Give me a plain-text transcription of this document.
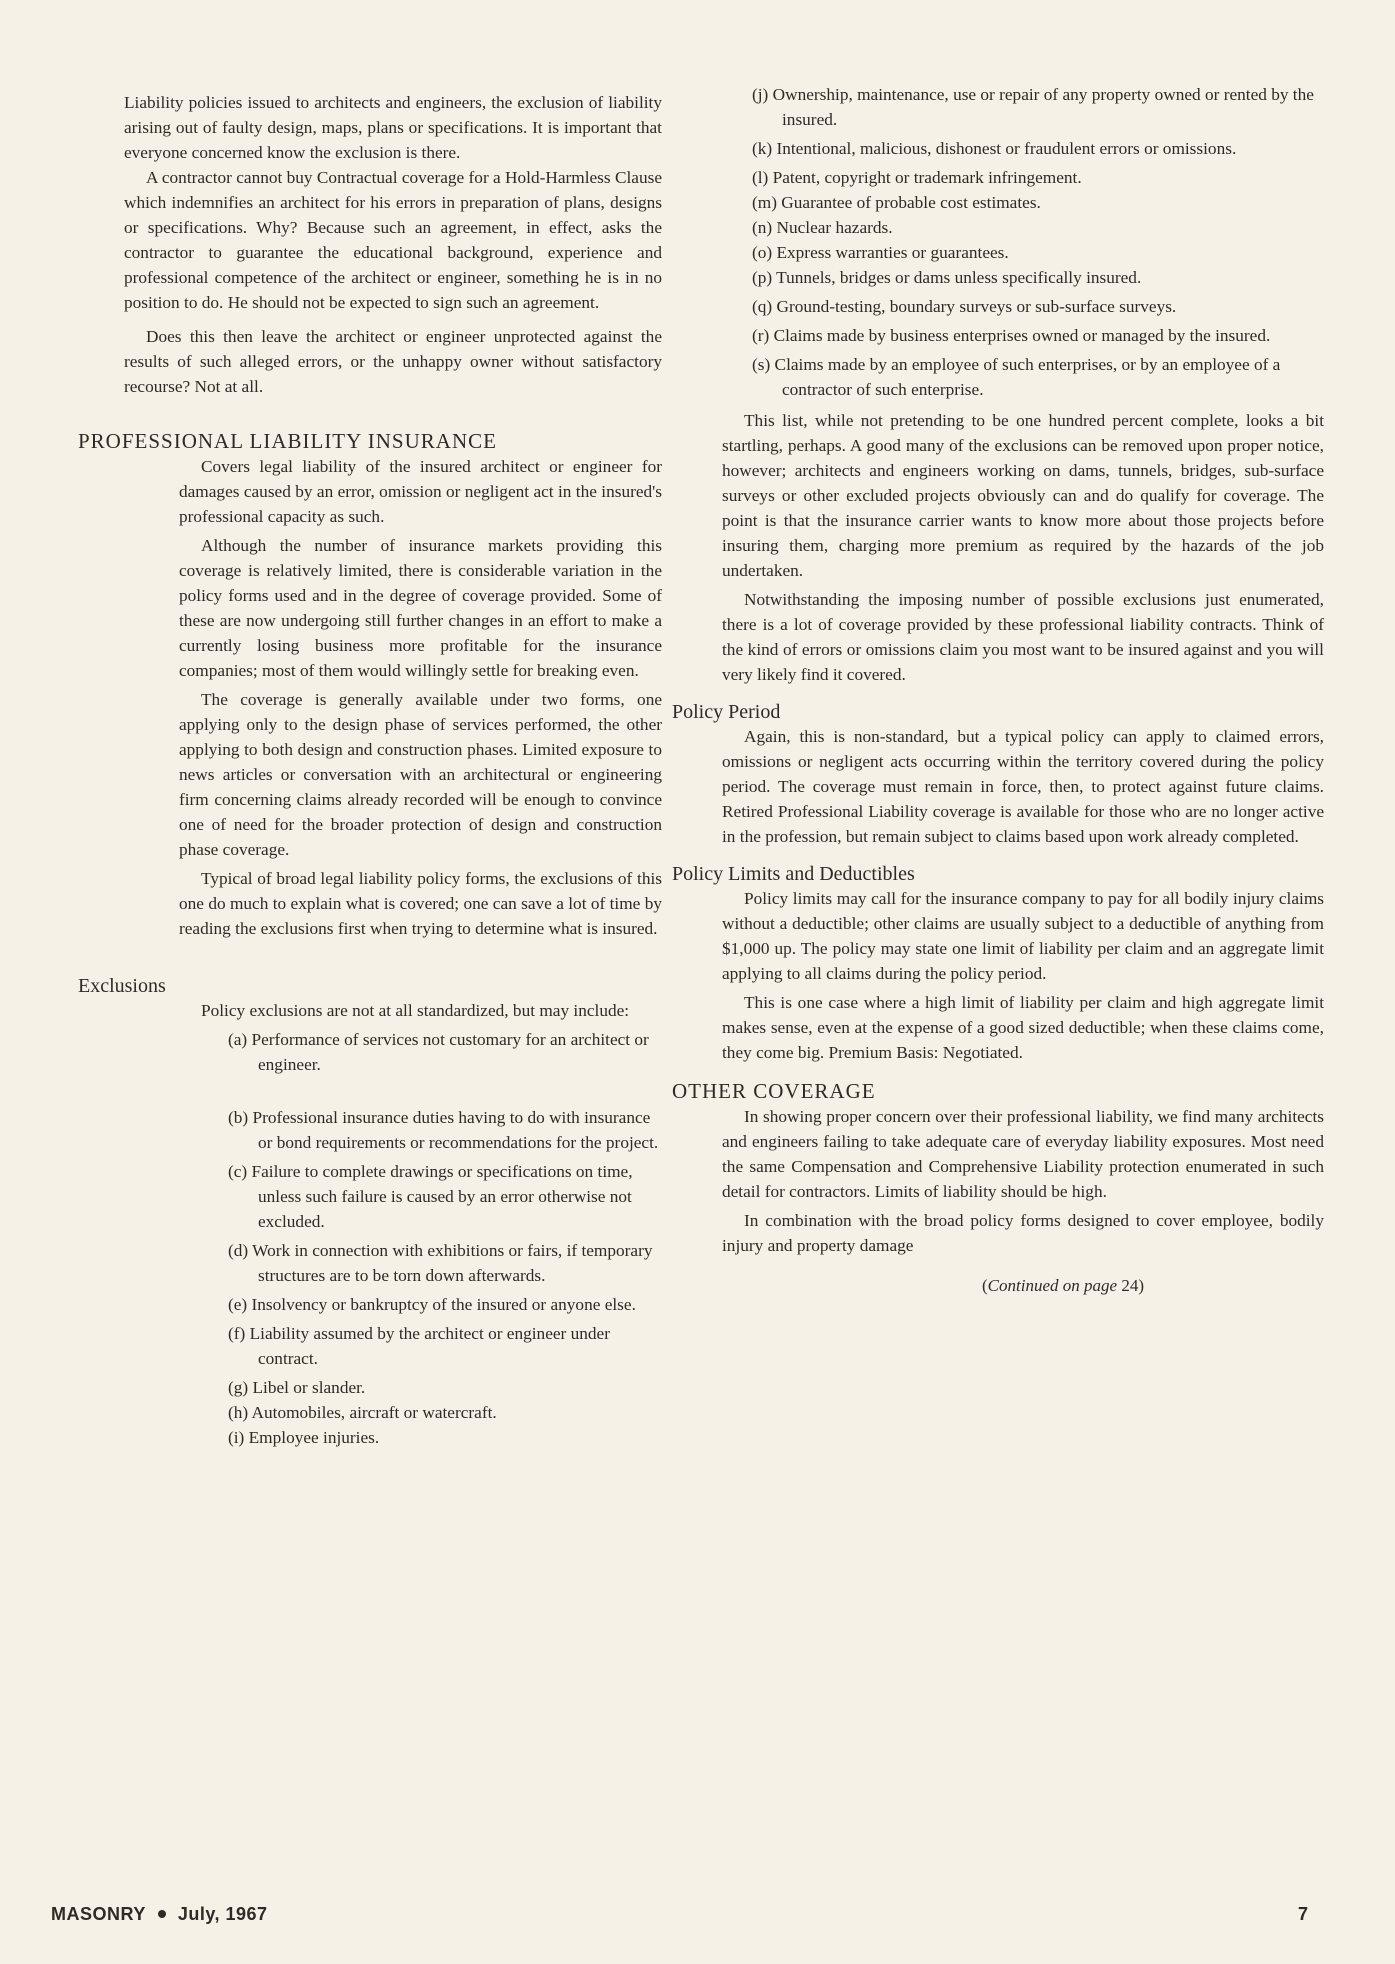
Liability policies issued to architects and engineers, the exclusion of liability arising out of faulty design, maps, plans or specifications. It is important that everyone concerned know the exclusion is there.

A contractor cannot buy Contractual coverage for a Hold-Harmless Clause which indemnifies an architect for his errors in preparation of plans, designs or specifications. Why? Because such an agreement, in effect, asks the contractor to guarantee the educational background, experience and professional competence of the architect or engineer, something he is in no position to do. He should not be expected to sign such an agreement.

Does this then leave the architect or engineer unprotected against the results of such alleged errors, or the unhappy owner without satisfactory recourse? Not at all.

PROFESSIONAL LIABILITY INSURANCE

Covers legal liability of the insured architect or engineer for damages caused by an error, omission or negligent act in the insured's professional capacity as such.

Although the number of insurance markets providing this coverage is relatively limited, there is considerable variation in the policy forms used and in the degree of coverage provided. Some of these are now undergoing still further changes in an effort to make a currently losing business more profitable for the insurance companies; most of them would willingly settle for breaking even.

The coverage is generally available under two forms, one applying only to the design phase of services performed, the other applying to both design and construction phases. Limited exposure to news articles or conversation with an architectural or engineering firm concerning claims already recorded will be enough to convince one of need for the broader protection of design and construction phase coverage.

Typical of broad legal liability policy forms, the exclusions of this one do much to explain what is covered; one can save a lot of time by reading the exclusions first when trying to determine what is insured.

Exclusions

Policy exclusions are not at all standardized, but may include:

(a) Performance of services not customary for an architect or engineer.
(b) Professional insurance duties having to do with insurance or bond requirements or recommendations for the project.
(c) Failure to complete drawings or specifications on time, unless such failure is caused by an error otherwise not excluded.
(d) Work in connection with exhibitions or fairs, if temporary structures are to be torn down afterwards.
(e) Insolvency or bankruptcy of the insured or anyone else.
(f) Liability assumed by the architect or engineer under contract.
(g) Libel or slander.
(h) Automobiles, aircraft or watercraft.
(i) Employee injuries.
(j) Ownership, maintenance, use or repair of any property owned or rented by the insured.
(k) Intentional, malicious, dishonest or fraudulent errors or omissions.
(l) Patent, copyright or trademark infringement.
(m) Guarantee of probable cost estimates.
(n) Nuclear hazards.
(o) Express warranties or guarantees.
(p) Tunnels, bridges or dams unless specifically insured.
(q) Ground-testing, boundary surveys or sub-surface surveys.
(r) Claims made by business enterprises owned or managed by the insured.
(s) Claims made by an employee of such enterprises, or by an employee of a contractor of such enterprise.

This list, while not pretending to be one hundred percent complete, looks a bit startling, perhaps. A good many of the exclusions can be removed upon proper notice, however; architects and engineers working on dams, tunnels, bridges, sub-surface surveys or other excluded projects obviously can and do qualify for coverage. The point is that the insurance carrier wants to know more about those projects before insuring them, charging more premium as required by the hazards of the job undertaken.

Notwithstanding the imposing number of possible exclusions just enumerated, there is a lot of coverage provided by these professional liability contracts. Think of the kind of errors or omissions claim you most want to be insured against and you will very likely find it covered.

Policy Period

Again, this is non-standard, but a typical policy can apply to claimed errors, omissions or negligent acts occurring within the territory covered during the policy period. The coverage must remain in force, then, to protect against future claims. Retired Professional Liability coverage is available for those who are no longer active in the profession, but remain subject to claims based upon work already completed.

Policy Limits and Deductibles

Policy limits may call for the insurance company to pay for all bodily injury claims without a deductible; other claims are usually subject to a deductible of anything from $1,000 up. The policy may state one limit of liability per claim and an aggregate limit applying to all claims during the policy period.

This is one case where a high limit of liability per claim and high aggregate limit makes sense, even at the expense of a good sized deductible; when these claims come, they come big. Premium Basis: Negotiated.

OTHER COVERAGE

In showing proper concern over their professional liability, we find many architects and engineers failing to take adequate care of everyday liability exposures. Most need the same Compensation and Comprehensive Liability protection enumerated in such detail for contractors. Limits of liability should be high.

In combination with the broad policy forms designed to cover employee, bodily injury and property damage

(Continued on page 24)
MASONRY July, 1967	7
